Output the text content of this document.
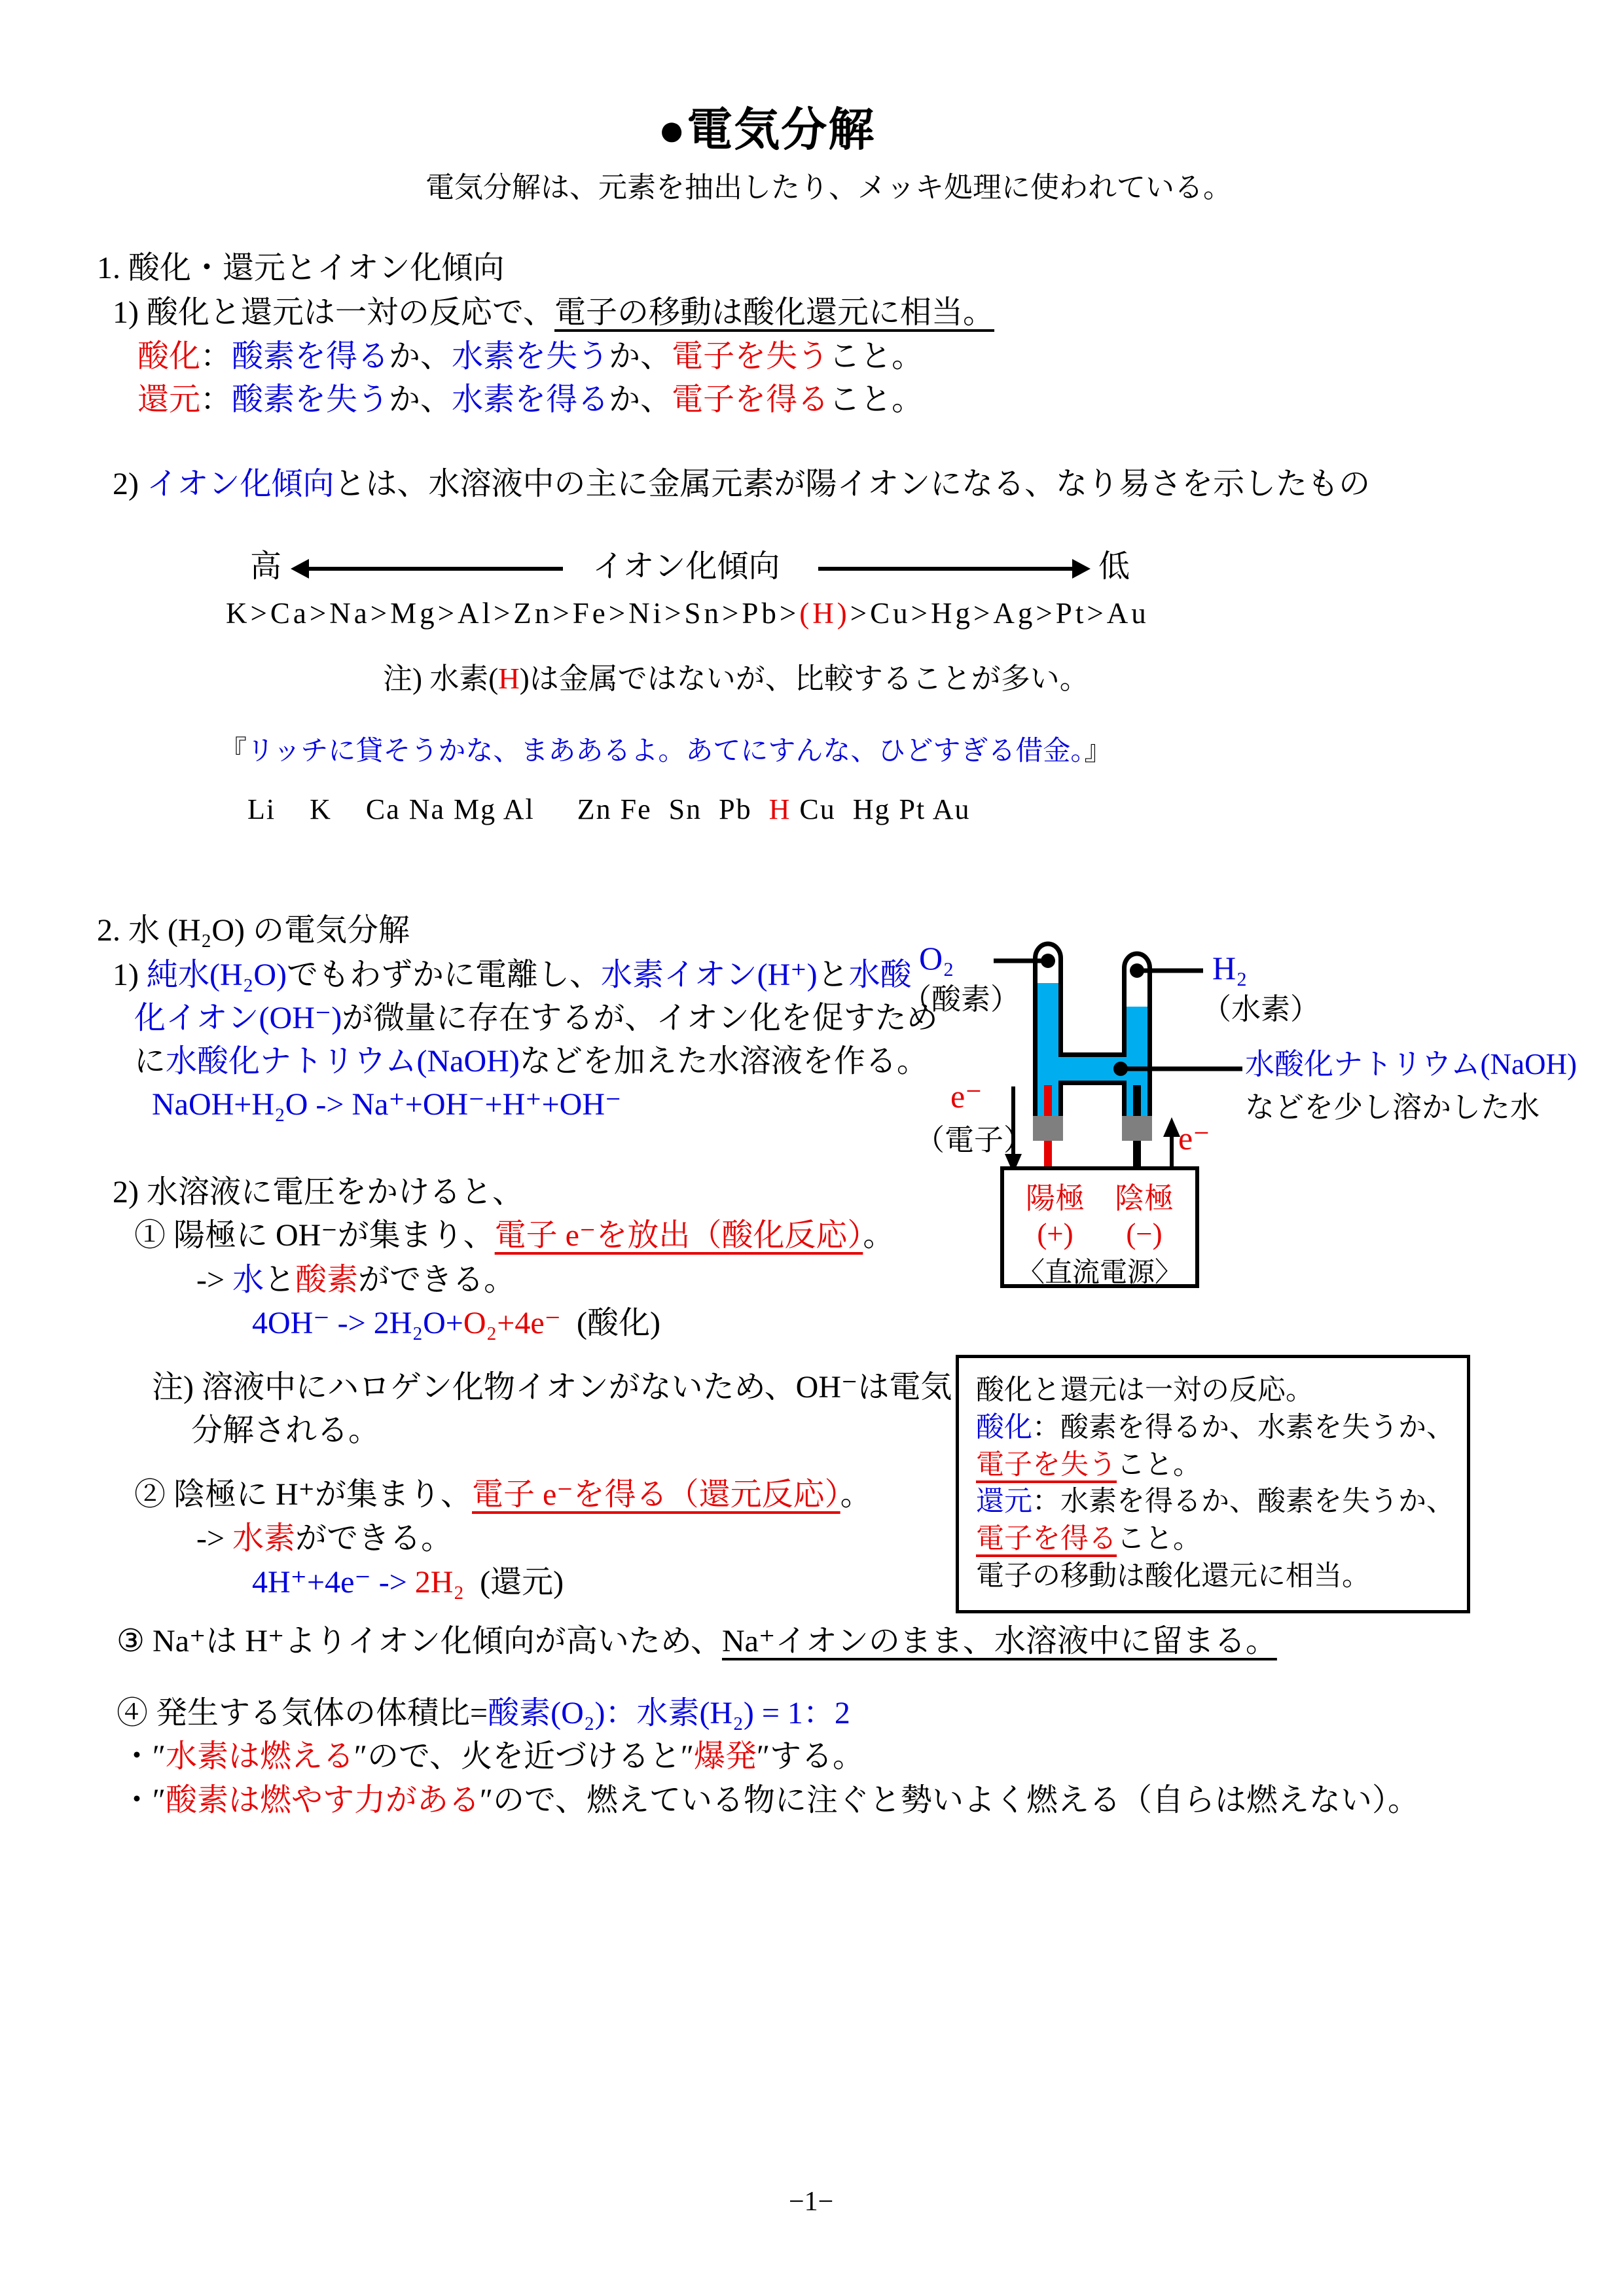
●電気分解
電気分解は、元素を抽出したり、メッキ処理に使われている。
1. 酸化・還元とイオン化傾向
1) 酸化と還元は一対の反応で、電子の移動は酸化還元に相当。
酸化：酸素を得るか、水素を失うか、電子を失うこと。
還元：酸素を失うか、水素を得るか、電子を得ること。
2) イオン化傾向とは、水溶液中の主に金属元素が陽イオンになる、なり易さを示したもの
高	イオン化傾向	低
K>Ca>Na>Mg>Al>Zn>Fe>Ni>Sn>Pb>(H)>Cu>Hg>Ag>Pt>Au
注) 水素(H)は金属ではないが、比較することが多い。
『リッチに貸そうかな、まああるよ。あてにすんな、ひどすぎる借金。』
Li    K    Ca Na Mg Al     Zn Fe  Sn  Pb  H Cu  Hg Pt Au
2. 水 (H₂O) の電気分解
1) 純水(H₂O)でもわずかに電離し、水素イオン(H⁺)と水酸
化イオン(OH⁻)が微量に存在するが、イオン化を促すため
に水酸化ナトリウム(NaOH)などを加えた水溶液を作る。
NaOH+H₂O -> Na⁺+OH⁻+H⁺+OH⁻
2) 水溶液に電圧をかけると、
① 陽極に OH⁻が集まり、電子 e⁻を放出（酸化反応）。
-> 水と酸素ができる。
4OH⁻ -> 2H₂O+O₂+4e⁻  (酸化)
注) 溶液中にハロゲン化物イオンがないため、OH⁻は電気
分解される。
② 陰極に H⁺が集まり、電子 e⁻を得る（還元反応）。
-> 水素ができる。
4H⁺+4e⁻ -> 2H₂  (還元)
③ Na⁺は H⁺よりイオン化傾向が高いため、Na⁺イオンのまま、水溶液中に留まる。
④ 発生する気体の体積比=酸素(O₂)：水素(H₂) = 1：2
・″水素は燃える″ので、火を近づけると″爆発″する。
・″酸素は燃やす力がある″ので、燃えている物に注ぐと勢いよく燃える（自らは燃えない）。
O₂
（酸素）
H₂
（水素）
水酸化ナトリウム(NaOH)
などを少し溶かした水
e⁻
（電子）	e⁻
陽極 陰極
(+) (−)
〈直流電源〉
酸化と還元は一対の反応。
酸化：酸素を得るか、水素を失うか、
電子を失うこと。
還元：水素を得るか、酸素を失うか、
電子を得ること。
電子の移動は酸化還元に相当。
−1−
